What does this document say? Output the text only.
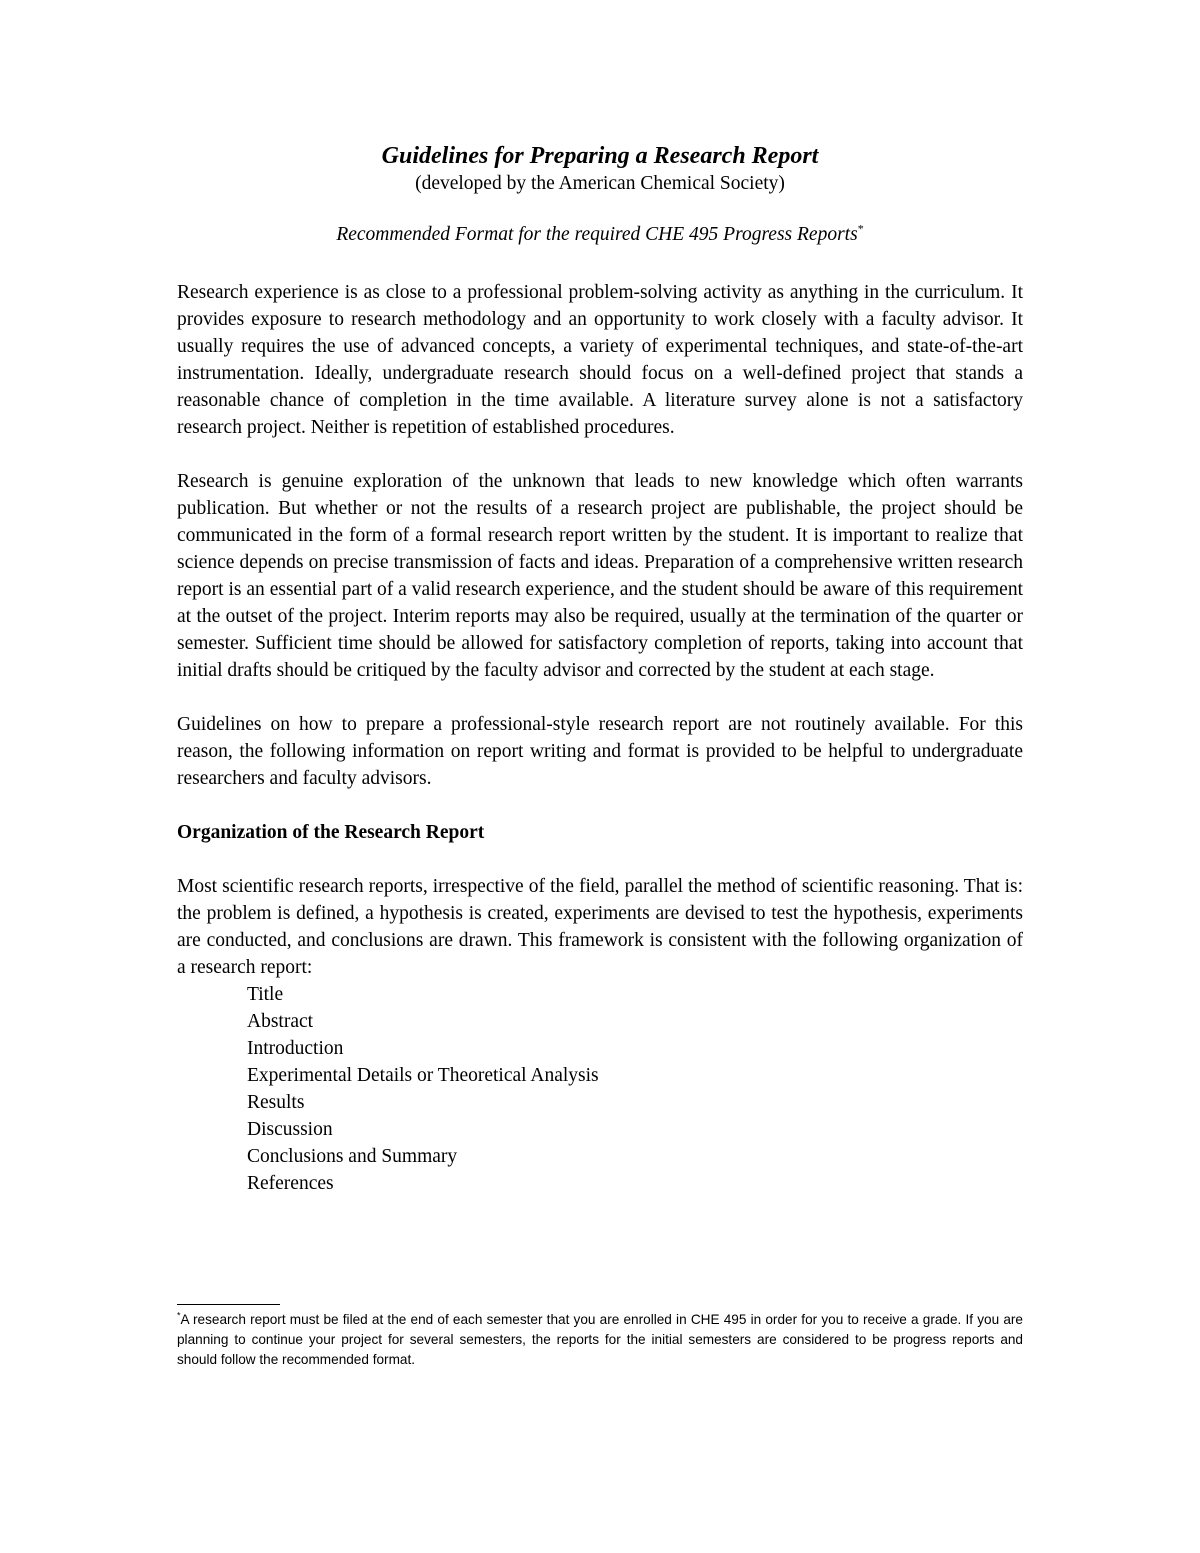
Guidelines for Preparing a Research Report

(developed by the American Chemical Society)

Recommended Format for the required CHE 495 Progress Reports*

Research experience is as close to a professional problem-solving activity as anything in the curriculum. It provides exposure to research methodology and an opportunity to work closely with a faculty advisor. It usually requires the use of advanced concepts, a variety of experimental techniques, and state-of-the-art instrumentation. Ideally, undergraduate research should focus on a well-defined project that stands a reasonable chance of completion in the time available. A literature survey alone is not a satisfactory research project. Neither is repetition of established procedures.

Research is genuine exploration of the unknown that leads to new knowledge which often warrants publication. But whether or not the results of a research project are publishable, the project should be communicated in the form of a formal research report written by the student. It is important to realize that science depends on precise transmission of facts and ideas. Preparation of a comprehensive written research report is an essential part of a valid research experience, and the student should be aware of this requirement at the outset of the project. Interim reports may also be required, usually at the termination of the quarter or semester. Sufficient time should be allowed for satisfactory completion of reports, taking into account that initial drafts should be critiqued by the faculty advisor and corrected by the student at each stage.

Guidelines on how to prepare a professional-style research report are not routinely available. For this reason, the following information on report writing and format is provided to be helpful to undergraduate researchers and faculty advisors.

Organization of the Research Report

Most scientific research reports, irrespective of the field, parallel the method of scientific reasoning. That is: the problem is defined, a hypothesis is created, experiments are devised to test the hypothesis, experiments are conducted, and conclusions are drawn. This framework is consistent with the following organization of a research report:

Title
Abstract
Introduction
Experimental Details or Theoretical Analysis
Results
Discussion
Conclusions and Summary
References

*A research report must be filed at the end of each semester that you are enrolled in CHE 495 in order for you to receive a grade. If you are planning to continue your project for several semesters, the reports for the initial semesters are considered to be progress reports and should follow the recommended format.
